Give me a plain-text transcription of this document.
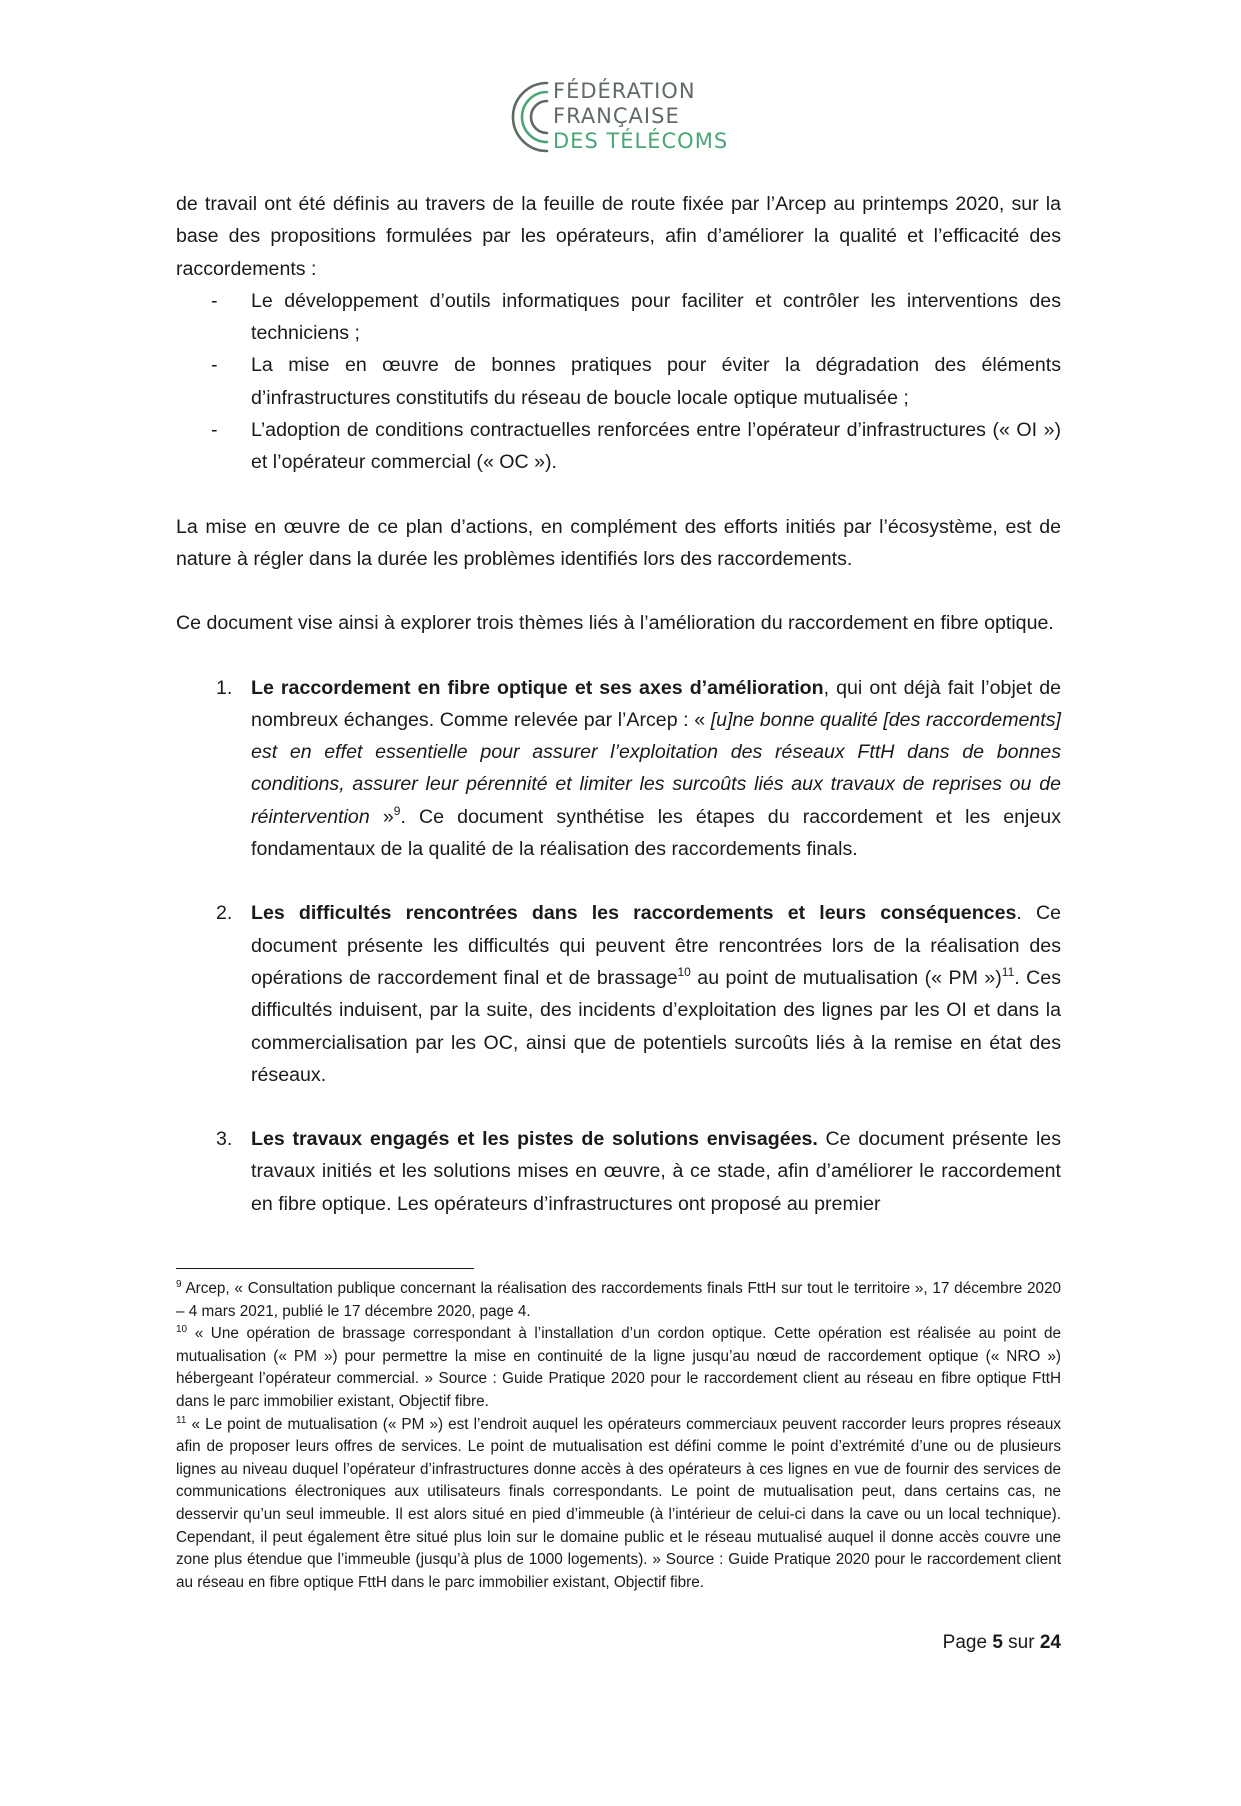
FÉDÉRATION
FRANÇAISE
DES TÉLÉCOMS

de travail ont été définis au travers de la feuille de route fixée par l’Arcep au printemps 2020, sur la base des propositions formulées par les opérateurs, afin d’améliorer la qualité et l’efficacité des raccordements :

- Le développement d’outils informatiques pour faciliter et contrôler les interventions des techniciens ;
- La mise en œuvre de bonnes pratiques pour éviter la dégradation des éléments d’infrastructures constitutifs du réseau de boucle locale optique mutualisée ;
- L’adoption de conditions contractuelles renforcées entre l’opérateur d’infrastructures (« OI ») et l’opérateur commercial (« OC »).

La mise en œuvre de ce plan d’actions, en complément des efforts initiés par l’écosystème, est de nature à régler dans la durée les problèmes identifiés lors des raccordements.

Ce document vise ainsi à explorer trois thèmes liés à l’amélioration du raccordement en fibre optique.

1. Le raccordement en fibre optique et ses axes d’amélioration, qui ont déjà fait l’objet de nombreux échanges. Comme relevée par l’Arcep : « [u]ne bonne qualité [des raccordements] est en effet essentielle pour assurer l’exploitation des réseaux FttH dans de bonnes conditions, assurer leur pérennité et limiter les surcoûts liés aux travaux de reprises ou de réintervention »$^9$. Ce document synthétise les étapes du raccordement et les enjeux fondamentaux de la qualité de la réalisation des raccordements finals.
2. Les difficultés rencontrées dans les raccordements et leurs conséquences. Ce document présente les difficultés qui peuvent être rencontrées lors de la réalisation des opérations de raccordement final et de brassage$^{10}$ au point de mutualisation (« PM »)$^{11}$. Ces difficultés induisent, par la suite, des incidents d’exploitation des lignes par les OI et dans la commercialisation par les OC, ainsi que de potentiels surcoûts liés à la remise en état des réseaux.
3. Les travaux engagés et les pistes de solutions envisagées. Ce document présente les travaux initiés et les solutions mises en œuvre, à ce stade, afin d’améliorer le raccordement en fibre optique. Les opérateurs d’infrastructures ont proposé au premier

$^9$ Arcep, « Consultation publique concernant la réalisation des raccordements finals FttH sur tout le territoire », 17 décembre 2020 – 4 mars 2021, publié le 17 décembre 2020, page 4.

$^{10}$ « Une opération de brassage correspondant à l’installation d’un cordon optique. Cette opération est réalisée au point de mutualisation (« PM ») pour permettre la mise en continuité de la ligne jusqu’au nœud de raccordement optique (« NRO ») hébergeant l’opérateur commercial. » Source : Guide Pratique 2020 pour le raccordement client au réseau en fibre optique FttH dans le parc immobilier existant, Objectif fibre.

$^{11}$ « Le point de mutualisation (« PM ») est l’endroit auquel les opérateurs commerciaux peuvent raccorder leurs propres réseaux afin de proposer leurs offres de services. Le point de mutualisation est défini comme le point d’extrémité d’une ou de plusieurs lignes au niveau duquel l’opérateur d’infrastructures donne accès à des opérateurs à ces lignes en vue de fournir des services de communications électroniques aux utilisateurs finals correspondants. Le point de mutualisation peut, dans certains cas, ne desservir qu’un seul immeuble. Il est alors situé en pied d’immeuble (à l’intérieur de celui-ci dans la cave ou un local technique). Cependant, il peut également être situé plus loin sur le domaine public et le réseau mutualisé auquel il donne accès couvre une zone plus étendue que l’immeuble (jusqu’à plus de 1000 logements). » Source : Guide Pratique 2020 pour le raccordement client au réseau en fibre optique FttH dans le parc immobilier existant, Objectif fibre.

Page 5 sur 24
